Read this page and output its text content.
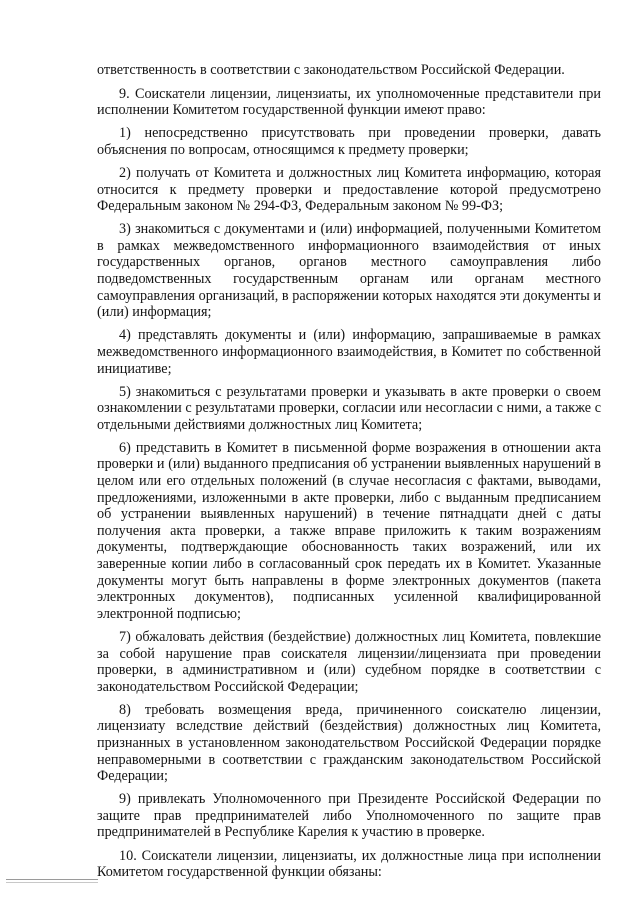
ответственность в соответствии с законодательством Российской Федерации.

9. Соискатели лицензии, лицензиаты, их уполномоченные представители при исполнении Комитетом государственной функции имеют право:

1) непосредственно присутствовать при проведении проверки, давать объяснения по вопросам, относящимся к предмету проверки;

2) получать от Комитета и должностных лиц Комитета информацию, которая относится к предмету проверки и предоставление которой предусмотрено Федеральным законом № 294-ФЗ, Федеральным законом № 99-ФЗ;

3) знакомиться с документами и (или) информацией, полученными Комитетом в рамках межведомственного информационного взаимодействия от иных государственных органов, органов местного самоуправления либо подведомственных государственным органам или органам местного самоуправления организаций, в распоряжении которых находятся эти документы и (или) информация;

4) представлять документы и (или) информацию, запрашиваемые в рамках межведомственного информационного взаимодействия, в Комитет по собственной инициативе;

5) знакомиться с результатами проверки и указывать в акте проверки о своем ознакомлении с результатами проверки, согласии или несогласии с ними, а также с отдельными действиями должностных лиц Комитета;

6) представить в Комитет в письменной форме возражения в отношении акта проверки и (или) выданного предписания об устранении выявленных нарушений в целом или его отдельных положений (в случае несогласия с фактами, выводами, предложениями, изложенными в акте проверки, либо с выданным предписанием об устранении выявленных нарушений) в течение пятнадцати дней с даты получения акта проверки, а также вправе приложить к таким возражениям документы, подтверждающие обоснованность таких возражений, или их заверенные копии либо в согласованный срок передать их в Комитет. Указанные документы могут быть направлены в форме электронных документов (пакета электронных документов), подписанных усиленной квалифицированной электронной подписью;

7) обжаловать действия (бездействие) должностных лиц Комитета, повлекшие за собой нарушение прав соискателя лицензии/лицензиата при проведении проверки, в административном и (или) судебном порядке в соответствии с законодательством Российской Федерации;

8) требовать возмещения вреда, причиненного соискателю лицензии, лицензиату вследствие действий (бездействия) должностных лиц Комитета, признанных в установленном законодательством Российской Федерации порядке неправомерными в соответствии с гражданским законодательством Российской Федерации;

9) привлекать Уполномоченного при Президенте Российской Федерации по защите прав предпринимателей либо Уполномоченного по защите прав предпринимателей в Республике Карелия к участию в проверке.

10. Соискатели лицензии, лицензиаты, их должностные лица при исполнении Комитетом государственной функции обязаны:
